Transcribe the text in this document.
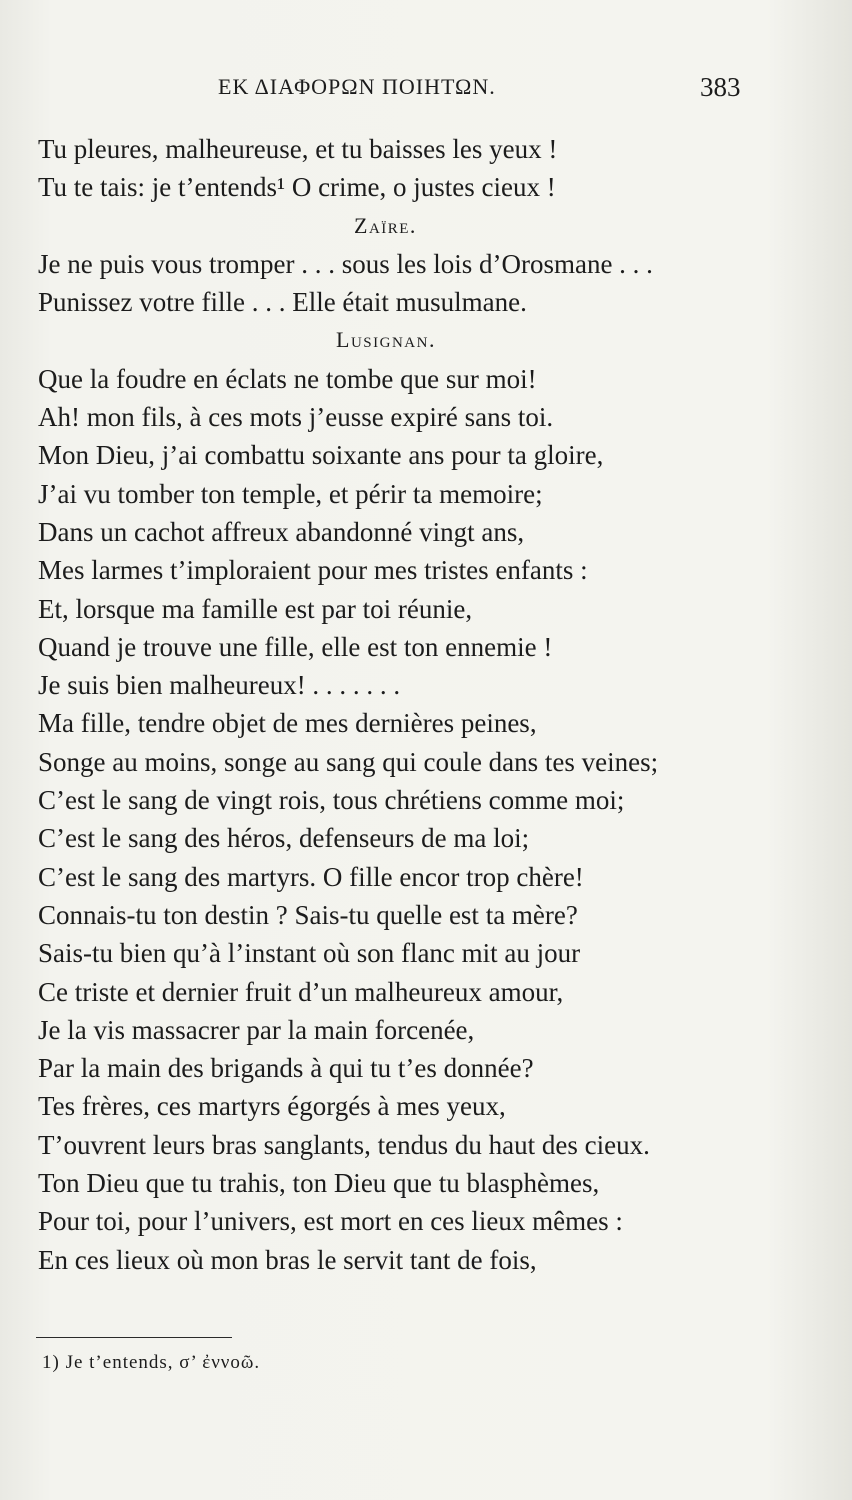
ΕΚ ΔΙΑΦΟΡΩΝ ΠΟΙΗΤΩΝ.	383
Tu pleures, malheureuse, et tu baisses les yeux !
Tu te tais: je t’entends¹ O crime, o justes cieux !
Zaïre.
Je ne puis vous tromper . . . sous les lois d’Orosmane . . .
Punissez votre fille . . . Elle était musulmane.
Lusignan.
Que la foudre en éclats ne tombe que sur moi!
Ah! mon fils, à ces mots j’eusse expiré sans toi.
Mon Dieu, j’ai combattu soixante ans pour ta gloire,
J’ai vu tomber ton temple, et périr ta memoire;
Dans un cachot affreux abandonné vingt ans,
Mes larmes t’imploraient pour mes tristes enfants :
Et, lorsque ma famille est par toi réunie,
Quand je trouve une fille, elle est ton ennemie !
Je suis bien malheureux! . . . . . . .
Ma fille, tendre objet de mes dernières peines,
Songe au moins, songe au sang qui coule dans tes veines;
C’est le sang de vingt rois, tous chrétiens comme moi;
C’est le sang des héros, defenseurs de ma loi;
C’est le sang des martyrs. O fille encor trop chère!
Connais-tu ton destin ? Sais-tu quelle est ta mère?
Sais-tu bien qu’à l’instant où son flanc mit au jour
Ce triste et dernier fruit d’un malheureux amour,
Je la vis massacrer par la main forcenée,
Par la main des brigands à qui tu t’es donnée?
Tes frères, ces martyrs égorgés à mes yeux,
T’ouvrent leurs bras sanglants, tendus du haut des cieux.
Ton Dieu que tu trahis, ton Dieu que tu blasphèmes,
Pour toi, pour l’univers, est mort en ces lieux mêmes :
En ces lieux où mon bras le servit tant de fois,
1) Je t’entends, σ’ ἐννοῶ.
